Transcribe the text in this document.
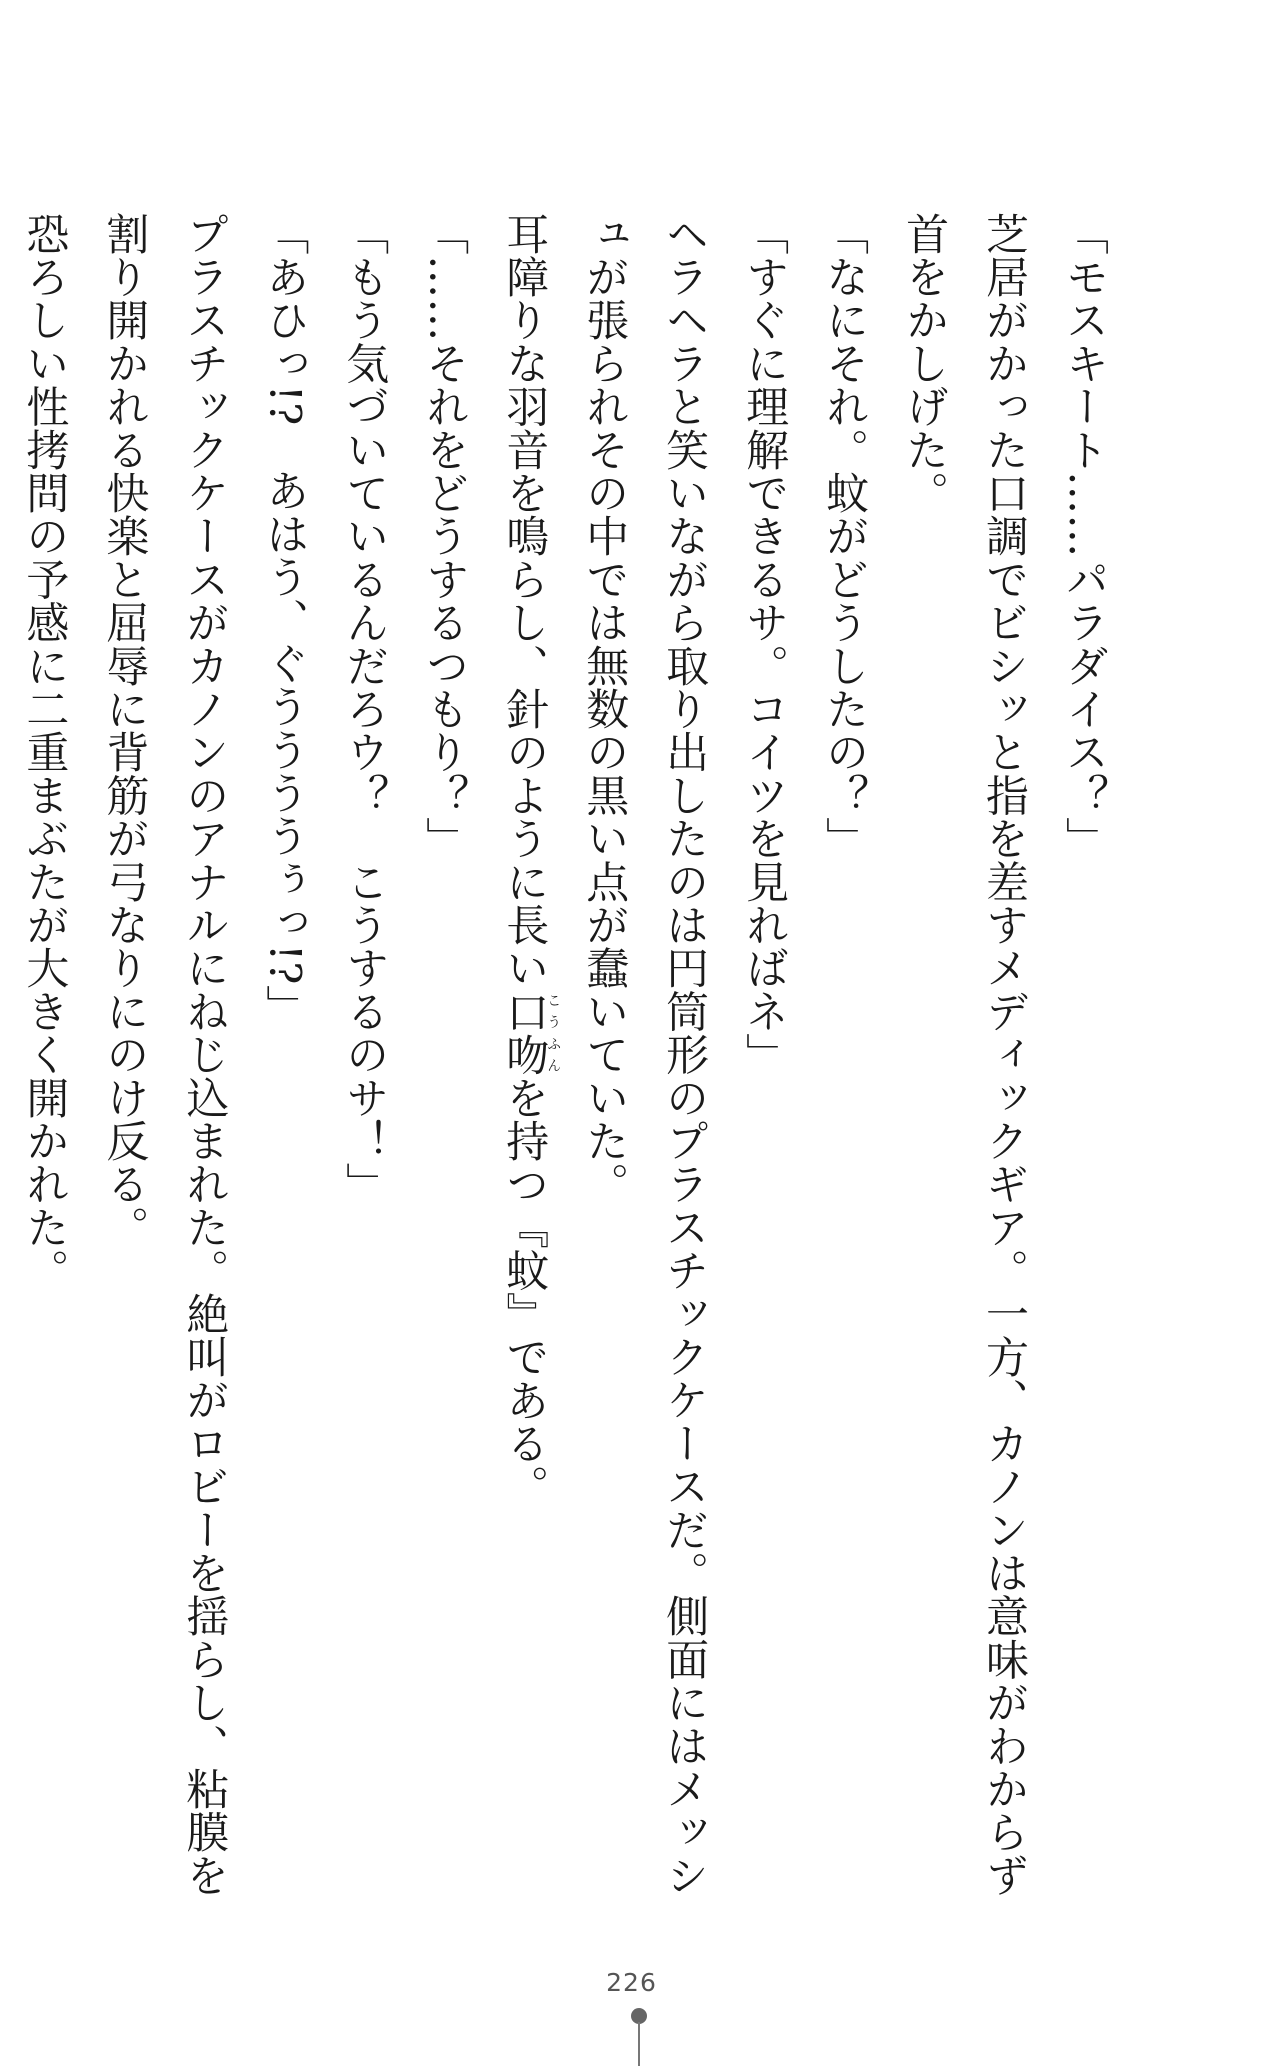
「モスキート……パラダイス？」
芝居がかった口調でビシッと指を差すメディックギア。一方、カノンは意味がわからず
首をかしげた。
「なにそれ。蚊がどうしたの？」
「すぐに理解できるサ。コイツを見ればネ」
ヘラヘラと笑いながら取り出したのは円筒形のプラスチックケースだ。側面にはメッシ
ュが張られその中では無数の黒い点が蠢いていた。
耳障りな羽音を鳴らし、針のように長い口吻こうふんを持つ『蚊』である。
「……それをどうするつもり？」
「もう気づいているんだろウ？　こうするのサ！」
「あひっ!?　あはう、ぐううううぅっ!?」
プラスチックケースがカノンのアナルにねじ込まれた。絶叫がロビーを揺らし、粘膜を
割り開かれる快楽と屈辱に背筋が弓なりにのけ反る。
恐ろしい性拷問の予感に二重まぶたが大きく開かれた。
226
